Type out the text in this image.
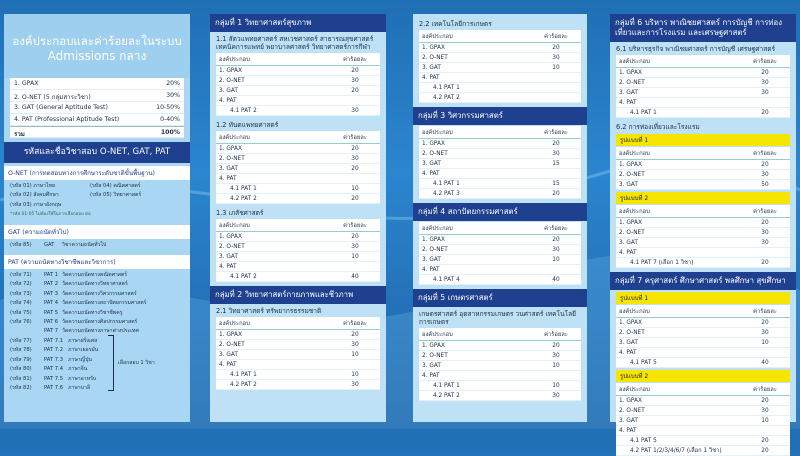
องค์ประกอบและค่าร้อยละในระบบ
Admissions กลาง
1. GPAX	20%
2. O-NET (5 กลุ่มสาระวิชา)	30%
3. GAT (General Aptitude Test)	10-50%
4. PAT (Professional Aptitude Test)	0-40%
รวม	100%
รหัสและชื่อวิชาสอบ O-NET, GAT, PAT
O-NET (การทดสอบทางการศึกษาระดับชาติขั้นพื้นฐาน)
(รหัส 01) ภาษาไทย	(รหัส 04) คณิตศาสตร์
(รหัส 02) สังคมศึกษา	(รหัส 05) วิทยาศาสตร์
(รหัส 03) ภาษาอังกฤษ
*รหัส 01-05 ไม่ต้องใช้ในการเลือกสอบ ต่อ
GAT (ความถนัดทั่วไป)
(รหัส 85)	GAT	วิชาความถนัดทั่วไป
PAT (ความถนัดทางวิชาชีพและวิชาการ)
(รหัส 71)	PAT 1 วัดความถนัดทางคณิตศาสตร์
(รหัส 72)	PAT 2 วัดความถนัดทางวิทยาศาสตร์
(รหัส 73)	PAT 3 วัดความถนัดทางวิศวกรรมศาสตร์
(รหัส 74)	PAT 4 วัดความถนัดทางสถาปัตยกรรมศาสตร์
(รหัส 75)	PAT 5 วัดความถนัดทางวิชาชีพครู
(รหัส 76)	PAT 6 วัดความถนัดทางศิลปกรรมศาสตร์
PAT 7 วัดความถนัดทางภาษาต่างประเทศ
(รหัส 77)	PAT 7.1 ภาษาฝรั่งเศส
(รหัส 78)	PAT 7.2 ภาษาเยอรมัน
(รหัส 79)	PAT 7.3 ภาษาญี่ปุ่น
(รหัส 80)	PAT 7.4 ภาษาจีน
(รหัส 81)	PAT 7.5 ภาษาอาหรับ
(รหัส 82)	PAT 7.6 ภาษาบาลี
เลือกสอบ 1 วิชา
กลุ่มที่ 1 วิทยาศาสตร์สุขภาพ
1.1 สัตวแพทยศาสตร์ สหเวชศาสตร์ สาธารณสุขศาสตร์ เทคนิคการแพทย์ พยาบาลศาสตร์ วิทยาศาสตร์การกีฬา
องค์ประกอบ	ค่าร้อยละ
1. GPAX	20
2. O-NET	30
3. GAT	20
4. PAT
4.1 PAT 2	30
1.2 ทันตแพทยศาสตร์
องค์ประกอบ	ค่าร้อยละ
1. GPAX	20
2. O-NET	30
3. GAT	20
4. PAT
4.1 PAT 1	10
4.2 PAT 2	20
1.3 เภสัชศาสตร์
องค์ประกอบ	ค่าร้อยละ
1. GPAX	20
2. O-NET	30
3. GAT	10
4. PAT
4.1 PAT 2	40
กลุ่มที่ 2 วิทยาศาสตร์กายภาพและชีวภาพ
2.1 วิทยาศาสตร์ ทรัพยากรธรรมชาติ
องค์ประกอบ	ค่าร้อยละ
1. GPAX	20
2. O-NET	30
3. GAT	10
4. PAT
4.1 PAT 1	10
4.2 PAT 2	30
2.2 เทคโนโลยีการเกษตร
องค์ประกอบ	ค่าร้อยละ
1. GPAX	20
2. O-NET	30
3. GAT	10
4. PAT
4.1 PAT 1
4.2 PAT 2
กลุ่มที่ 3 วิศวกรรมศาสตร์
องค์ประกอบ	ค่าร้อยละ
1. GPAX	20
2. O-NET	30
3. GAT	15
4. PAT
4.1 PAT 1	15
4.2 PAT 3	20
กลุ่มที่ 4 สถาปัตยกรรมศาสตร์
องค์ประกอบ	ค่าร้อยละ
1. GPAX	20
2. O-NET	30
3. GAT	10
4. PAT
4.1 PAT 4	40
กลุ่มที่ 5 เกษตรศาสตร์
เกษตรศาสตร์ อุตสาหกรรมเกษตร วนศาสตร์ เทคโนโลยีการเกษตร
องค์ประกอบ	ค่าร้อยละ
1. GPAX	20
2. O-NET	30
3. GAT	10
4. PAT
4.1 PAT 1	10
4.2 PAT 2	30
กลุ่มที่ 6 บริหาร พาณิชยศาสตร์ การบัญชี การท่องเที่ยวและการโรงแรม และเศรษฐศาสตร์
6.1 บริหารธุรกิจ พาณิชยศาสตร์ การบัญชี เศรษฐศาสตร์
องค์ประกอบ	ค่าร้อยละ
1. GPAX	20
2. O-NET	30
3. GAT	30
4. PAT
4.1 PAT 1	20
6.2 การท่องเที่ยวและโรงแรม
รูปแบบที่ 1
องค์ประกอบ	ค่าร้อยละ
1. GPAX	20
2. O-NET	30
3. GAT	50
รูปแบบที่ 2
องค์ประกอบ	ค่าร้อยละ
1. GPAX	20
2. O-NET	30
3. GAT	30
4. PAT
4.1 PAT 7 (เลือก 1 วิชา)	20
กลุ่มที่ 7 ครุศาสตร์ ศึกษาศาสตร์ พลศึกษา สุขศึกษา
รูปแบบที่ 1
องค์ประกอบ	ค่าร้อยละ
1. GPAX	20
2. O-NET	30
3. GAT	10
4. PAT
4.1 PAT 5	40
รูปแบบที่ 2
องค์ประกอบ	ค่าร้อยละ
1. GPAX	20
2. O-NET	30
3. GAT	10
4. PAT
4.1 PAT 5	20
4.2 PAT 1/2/3/4/6/7 (เลือก 1 วิชา)	20
